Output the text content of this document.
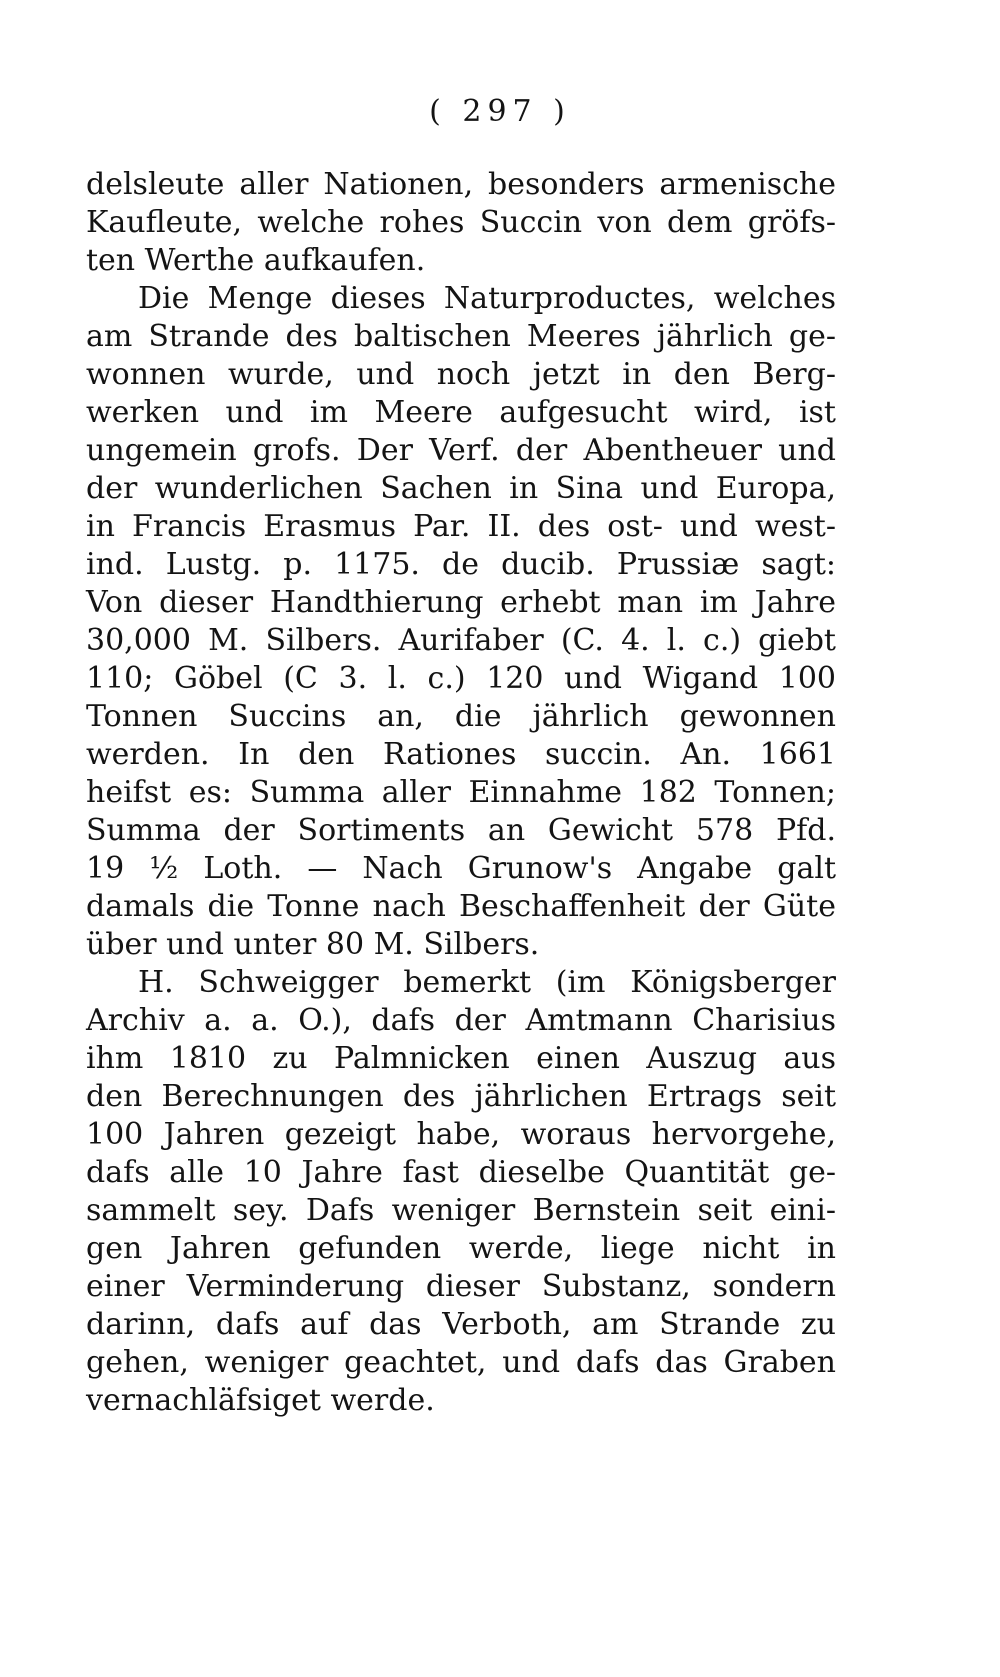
( 297 )
delsleute aller Nationen, besonders armenische
Kaufleute, welche rohes Succin von dem gröfs-
ten Werthe aufkaufen.
Die Menge dieses Naturproductes, welches
am Strande des baltischen Meeres jährlich ge-
wonnen wurde, und noch jetzt in den Berg-
werken und im Meere aufgesucht wird, ist
ungemein grofs. Der Verf. der Abentheuer und
der wunderlichen Sachen in Sina und Europa,
in Francis Erasmus Par. II. des ost- und west-
ind. Lustg. p. 1175. de ducib. Prussiæ sagt:
Von dieser Handthierung erhebt man im Jahre
30,000 M. Silbers. Aurifaber (C. 4. l. c.) giebt
110; Göbel (C 3. l. c.) 120 und Wigand 100
Tonnen Succins an, die jährlich gewonnen
werden. In den Rationes succin. An. 1661
heifst es: Summa aller Einnahme 182 Tonnen;
Summa der Sortiments an Gewicht 578 Pfd.
19 ½ Loth. — Nach Grunow's Angabe galt
damals die Tonne nach Beschaffenheit der Güte
über und unter 80 M. Silbers.
H. Schweigger bemerkt (im Königsberger
Archiv a. a. O.), dafs der Amtmann Charisius
ihm 1810 zu Palmnicken einen Auszug aus
den Berechnungen des jährlichen Ertrags seit
100 Jahren gezeigt habe, woraus hervorgehe,
dafs alle 10 Jahre fast dieselbe Quantität ge-
sammelt sey. Dafs weniger Bernstein seit eini-
gen Jahren gefunden werde, liege nicht in
einer Verminderung dieser Substanz, sondern
darinn, dafs auf das Verboth, am Strande zu
gehen, weniger geachtet, und dafs das Graben
vernachläfsiget werde.
